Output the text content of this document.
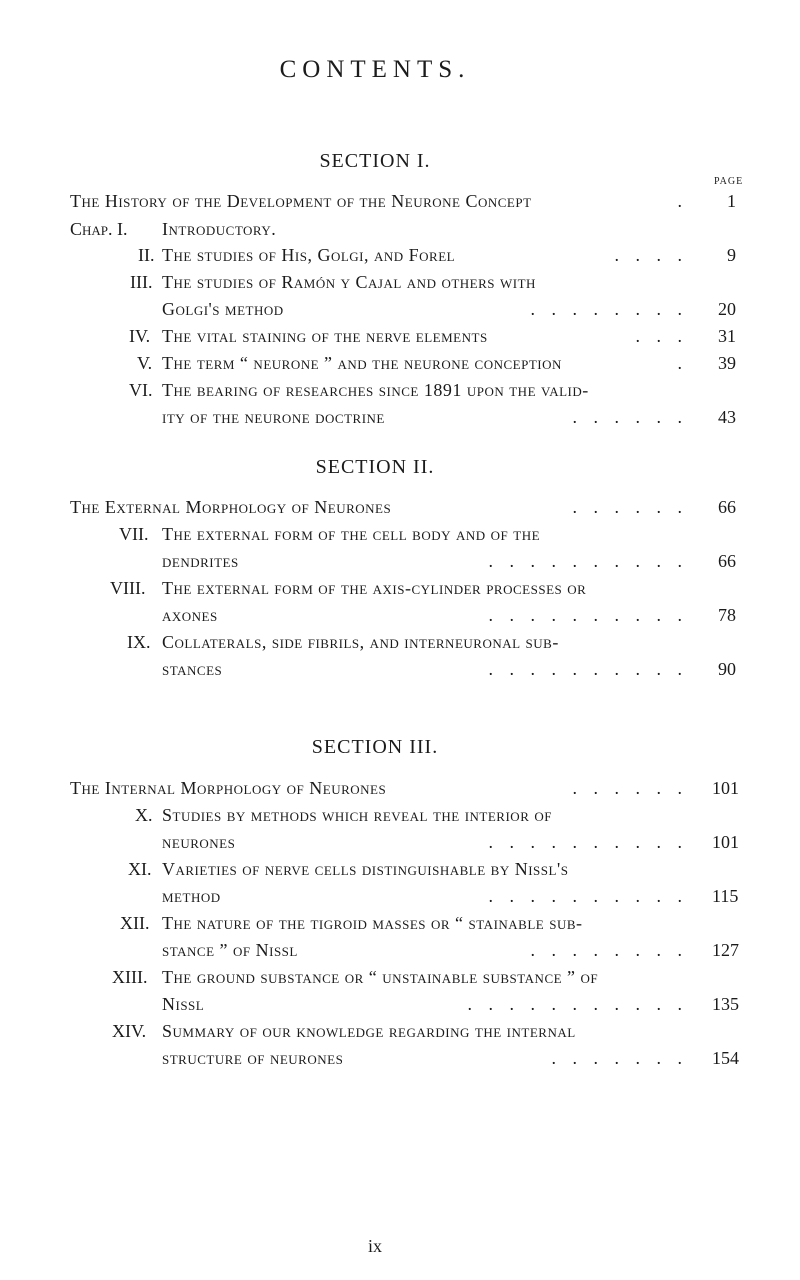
CONTENTS.
SECTION I.
PAGE
SECTION II.
SECTION III.
The History of the Development of the Neurone Concept	.	1
Chap. I. Introductory.
II. The studies of His, Golgi, and Forel	. . . .	9
III. The studies of Ramón y Cajal and others with
Golgi's method	. . . . . . . .	20
IV. The vital staining of the nerve elements	. . .	31
V. The term “ neurone ” and the neurone conception	.	39
VI. The bearing of researches since 1891 upon the valid-
ity of the neurone doctrine	. . . . . .	43
The External Morphology of Neurones	. . . . . .	66
VII. The external form of the cell body and of the
dendrites	. . . . . . . . . .	66
VIII. The external form of the axis-cylinder processes or
axones	. . . . . . . . . .	78
IX. Collaterals, side fibrils, and interneuronal sub-
stances	. . . . . . . . . .	90
The Internal Morphology of Neurones	. . . . . . 101
X. Studies by methods which reveal the interior of
neurones	. . . . . . . . . . 101
XI. Varieties of nerve cells distinguishable by Nissl's
method	. . . . . . . . . . 115
XII. The nature of the tigroid masses or “ stainable sub-
stance ” of Nissl	. . . . . . . . 127
XIII. The ground substance or “ unstainable substance ” of
Nissl	. . . . . . . . . . . 135
XIV. Summary of our knowledge regarding the internal
structure of neurones	. . . . . . . 154
ix
